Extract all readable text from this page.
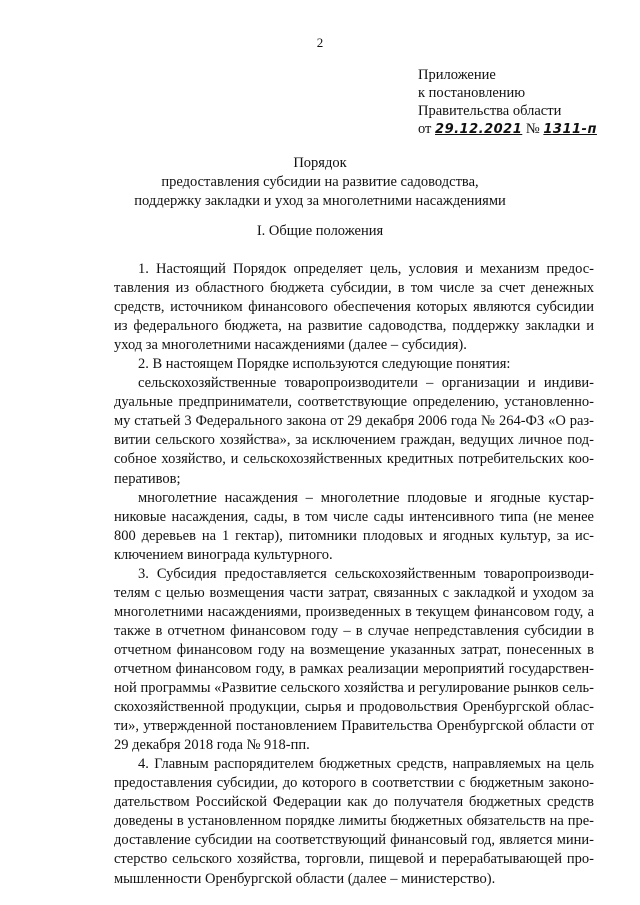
2
Приложение
к постановлению
Правительства области
от 29.12.2021 № 1311-п
Порядок
предоставления субсидии на развитие садоводства,
поддержку закладки и уход за многолетними насаждениями
I. Общие положения
1. Настоящий Порядок определяет цель, условия и механизм предос-
тавления из областного бюджета субсидии, в том числе за счет денежных
средств, источником финансового обеспечения которых являются субсидии
из федерального бюджета, на развитие садоводства, поддержку закладки и
уход за многолетними насаждениями (далее – субсидия).
2. В настоящем Порядке используются следующие понятия:
сельскохозяйственные товаропроизводители – организации и индиви-
дуальные предприниматели, соответствующие определению, установленно-
му статьей 3 Федерального закона от 29 декабря 2006 года № 264-ФЗ «О раз-
витии сельского хозяйства», за исключением граждан, ведущих личное под-
собное хозяйство, и сельскохозяйственных кредитных потребительских коо-
перативов;
многолетние насаждения – многолетние плодовые и ягодные кустар-
никовые насаждения, сады, в том числе сады интенсивного типа (не менее
800 деревьев на 1 гектар), питомники плодовых и ягодных культур, за ис-
ключением винограда культурного.
3. Субсидия предоставляется сельскохозяйственным товаропроизводи-
телям с целью возмещения части затрат, связанных с закладкой и уходом за
многолетними насаждениями, произведенных в текущем финансовом году, а
также в отчетном финансовом году – в случае непредставления субсидии в
отчетном финансовом году на возмещение указанных затрат, понесенных в
отчетном финансовом году, в рамках реализации мероприятий государствен-
ной программы «Развитие сельского хозяйства и регулирование рынков сель-
скохозяйственной продукции, сырья и продовольствия Оренбургской облас-
ти», утвержденной постановлением Правительства Оренбургской области от
29 декабря 2018 года № 918-пп.
4. Главным распорядителем бюджетных средств, направляемых на цель
предоставления субсидии, до которого в соответствии с бюджетным законо-
дательством Российской Федерации как до получателя бюджетных средств
доведены в установленном порядке лимиты бюджетных обязательств на пре-
доставление субсидии на соответствующий финансовый год, является мини-
стерство сельского хозяйства, торговли, пищевой и перерабатывающей про-
мышленности Оренбургской области (далее – министерство).
